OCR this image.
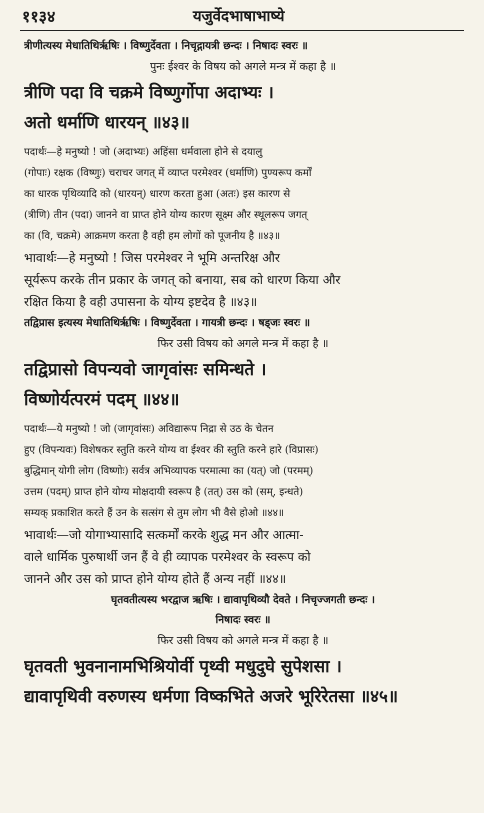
११३४	यजुर्वेदभाषाभाष्ये
त्रीणीत्यस्य मेधातिथिर्ऋषिः । विष्णुर्देवता । निचृद्गायत्री छन्दः । निषादः स्वरः ॥
पुनः ईश्वर के विषय को अगले मन्त्र में कहा है ॥
त्रीणि पदा वि चक्रमे विष्णुर्गोपा अदाभ्यः ।
अतो धर्माणि धारयन् ॥४३॥
पदार्थः—हे मनुष्यो ! जो (अदाभ्यः) अहिंसा धर्मवाला होने से दयालु
(गोपाः) रक्षक (विष्णुः) चराचर जगत् में व्याप्त परमेश्वर (धर्माणि) पुण्यरूप कर्मों
का धारक पृथिव्यादि को (धारयन्) धारण करता हुआ (अतः) इस कारण से
(त्रीणि) तीन (पदा) जानने वा प्राप्त होने योग्य कारण सूक्ष्म और स्थूलरूप जगत्
का (वि, चक्रमे) आक्रमण करता है वही हम लोगों को पूजनीय है ॥४३॥
भावार्थः—हे मनुष्यो ! जिस परमेश्वर ने भूमि अन्तरिक्ष और
सूर्यरूप करके तीन प्रकार के जगत् को बनाया, सब को धारण किया और
रक्षित किया है वही उपासना के योग्य इष्टदेव है ॥४३॥
तद्विप्रास इत्यस्य मेधातिथिर्ऋषिः । विष्णुर्देवता । गायत्री छन्दः । षड्जः स्वरः ॥
फिर उसी विषय को अगले मन्त्र में कहा है ॥
तद्विप्रासो विपन्यवो जागृवांसः समिन्धते ।
विष्णोर्यत्परमं पदम् ॥४४॥
पदार्थः—ये मनुष्यो ! जो (जागृवांसः) अविद्यारूप निद्रा से उठ के चेतन
हुए (विपन्यवः) विशेषकर स्तुति करने योग्य वा ईश्वर की स्तुति करने हारे (विप्रासः)
बुद्धिमान् योगी लोग (विष्णोः) सर्वत्र अभिव्यापक परमात्मा का (यत्) जो (परमम्)
उत्तम (पदम्) प्राप्त होने योग्य मोक्षदायी स्वरूप है (तत्) उस को (सम्, इन्धते)
सम्यक् प्रकाशित करते हैं उन के सत्संग से तुम लोग भी वैसे होओ ॥४४॥
भावार्थः—जो योगाभ्यासादि सत्कर्मों करके शुद्ध मन और आत्मा-
वाले धार्मिक पुरुषार्थी जन हैं वे ही व्यापक परमेश्वर के स्वरूप को
जानने और उस को प्राप्त होने योग्य होते हैं अन्य नहीं ॥४४॥
घृतवतीत्यस्य भरद्वाज ऋषिः । द्यावापृथिव्यौ देवते । निचृज्जगती छन्दः ।
निषादः स्वरः ॥
फिर उसी विषय को अगले मन्त्र में कहा है ॥
घृतवती भुवनानामभिश्रियोर्वी पृथ्वी मधुदुघे सुपेशसा ।
द्यावापृथिवी वरुणस्य धर्मणा विष्कभिते अजरे भूरिरेतसा ॥४५॥
